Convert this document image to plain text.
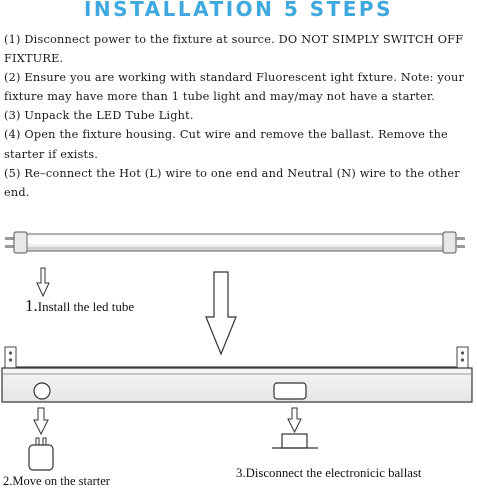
INSTALLATION 5 STEPS
(1) Disconnect power to the fixture at source. DO NOT SIMPLY SWITCH OFF FIXTURE.
(2) Ensure you are working with standard Fluorescent ight fxture. Note: your fixture may have more than 1 tube light and may/may not have a starter.
(3) Unpack the LED Tube Light.
(4) Open the fixture housing. Cut wire and remove the ballast. Remove the starter if exists.
(5) Re–connect the Hot (L) wire to one end and Neutral (N) wire to the other end.
1.Install the led tube
2.Move on the starter
3.Disconnect the electronicic ballast
